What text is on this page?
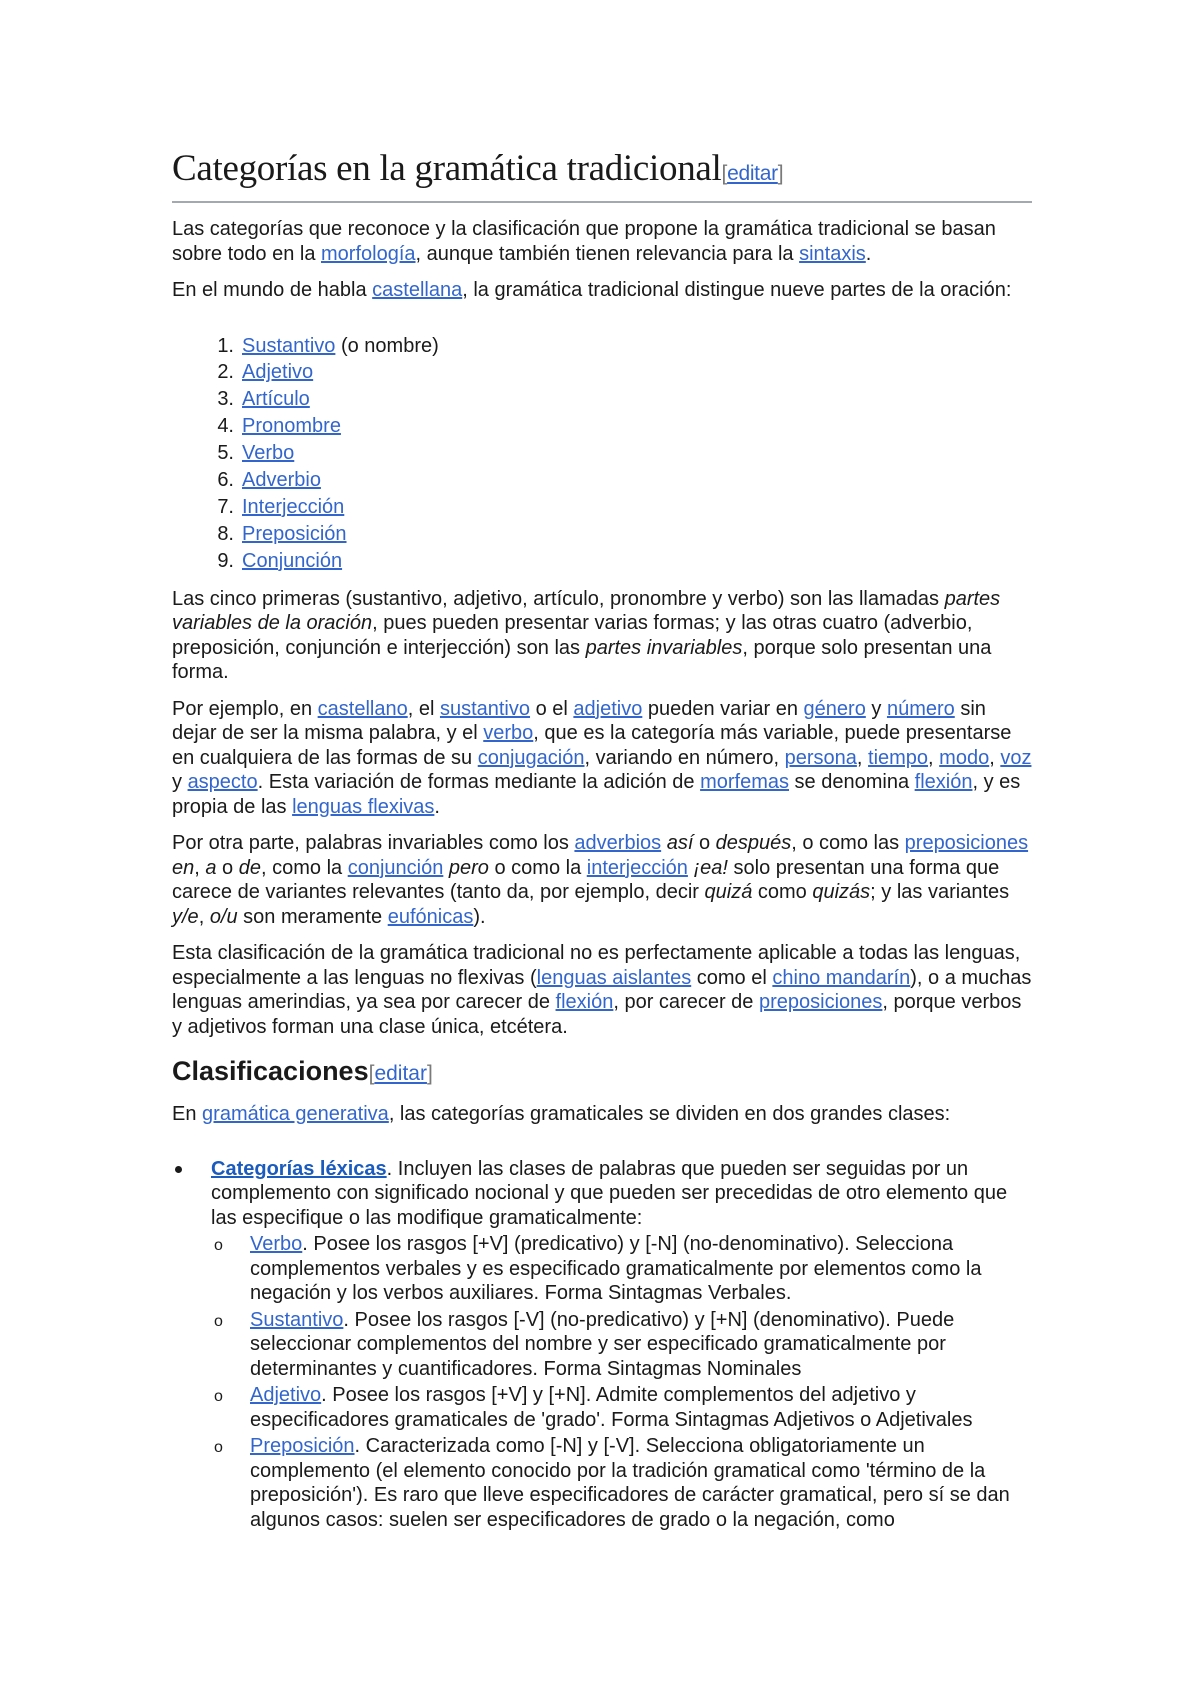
Categorías en la gramática tradicional[editar]

Las categorías que reconoce y la clasificación que propone la gramática tradicional se basan sobre todo en la morfología, aunque también tienen relevancia para la sintaxis.

En el mundo de habla castellana, la gramática tradicional distingue nueve partes de la oración:

1. Sustantivo (o nombre)
2. Adjetivo
3. Artículo
4. Pronombre
5. Verbo
6. Adverbio
7. Interjección
8. Preposición
9. Conjunción

Las cinco primeras (sustantivo, adjetivo, artículo, pronombre y verbo) son las llamadas partes variables de la oración, pues pueden presentar varias formas; y las otras cuatro (adverbio, preposición, conjunción e interjección) son las partes invariables, porque solo presentan una forma.

Por ejemplo, en castellano, el sustantivo o el adjetivo pueden variar en género y número sin dejar de ser la misma palabra, y el verbo, que es la categoría más variable, puede presentarse en cualquiera de las formas de su conjugación, variando en número, persona, tiempo, modo, voz y aspecto. Esta variación de formas mediante la adición de morfemas se denomina flexión, y es propia de las lenguas flexivas.

Por otra parte, palabras invariables como los adverbios así o después, o como las preposiciones en, a o de, como la conjunción pero o como la interjección ¡ea! solo presentan una forma que carece de variantes relevantes (tanto da, por ejemplo, decir quizá como quizás; y las variantes y/e, o/u son meramente eufónicas).

Esta clasificación de la gramática tradicional no es perfectamente aplicable a todas las lenguas, especialmente a las lenguas no flexivas (lenguas aislantes como el chino mandarín), o a muchas lenguas amerindias, ya sea por carecer de flexión, por carecer de preposiciones, porque verbos y adjetivos forman una clase única, etcétera.

Clasificaciones[editar]

En gramática generativa, las categorías gramaticales se dividen en dos grandes clases:

Categorías léxicas. Incluyen las clases de palabras que pueden ser seguidas por un complemento con significado nocional y que pueden ser precedidas de otro elemento que las especifique o las modifique gramaticalmente:
o Verbo. Posee los rasgos [+V] (predicativo) y [-N] (no-denominativo). Selecciona complementos verbales y es especificado gramaticalmente por elementos como la negación y los verbos auxiliares. Forma Sintagmas Verbales.
o Sustantivo. Posee los rasgos [-V] (no-predicativo) y [+N] (denominativo). Puede seleccionar complementos del nombre y ser especificado gramaticalmente por determinantes y cuantificadores. Forma Sintagmas Nominales
o Adjetivo. Posee los rasgos [+V] y [+N]. Admite complementos del adjetivo y especificadores gramaticales de 'grado'. Forma Sintagmas Adjetivos o Adjetivales
o Preposición. Caracterizada como [-N] y [-V]. Selecciona obligatoriamente un complemento (el elemento conocido por la tradición gramatical como 'término de la preposición'). Es raro que lleve especificadores de carácter gramatical, pero sí se dan algunos casos: suelen ser especificadores de grado o la negación, como
